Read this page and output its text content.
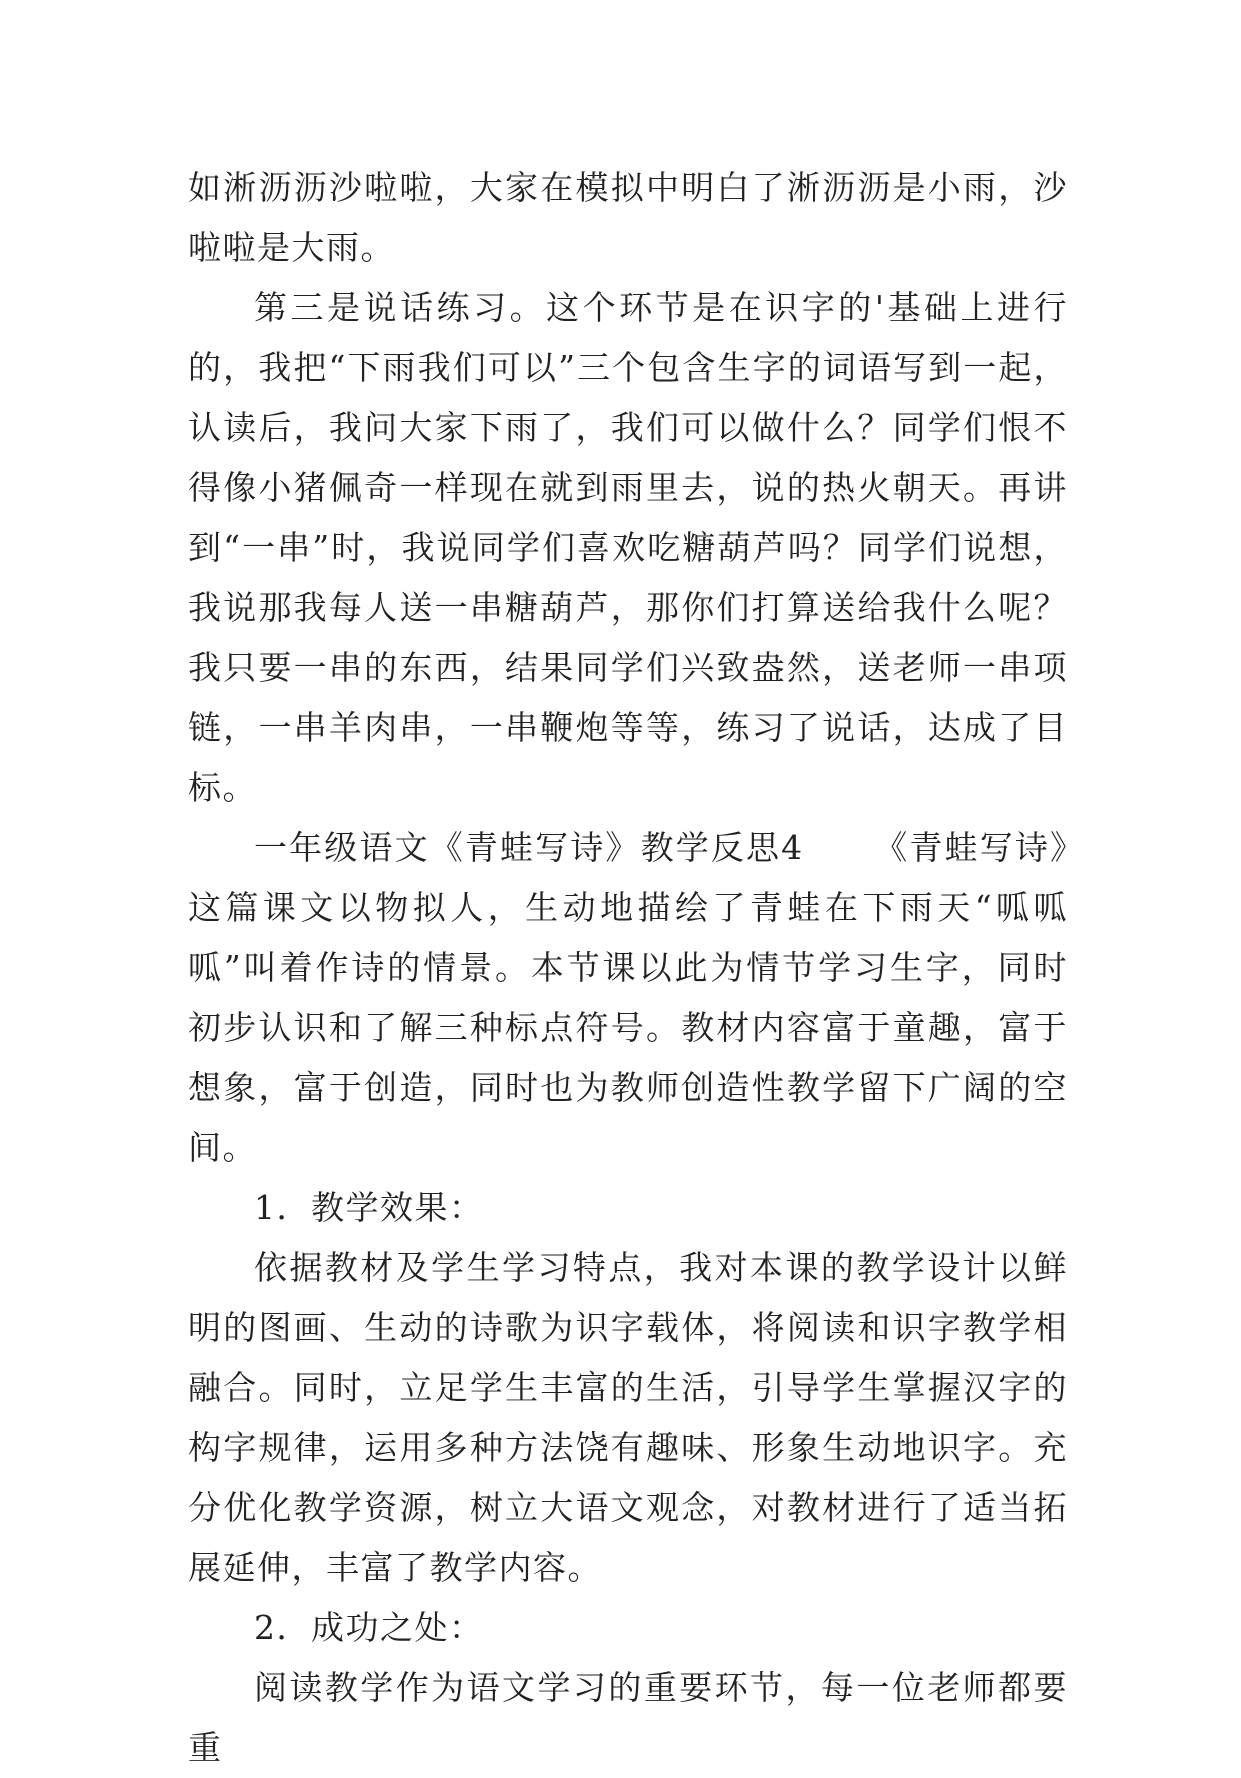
如淅沥沥沙啦啦，大家在模拟中明白了淅沥沥是小雨，沙啦啦是大雨。

第三是说话练习。这个环节是在识字的'基础上进行的，我把“下雨我们可以”三个包含生字的词语写到一起，认读后，我问大家下雨了，我们可以做什么？同学们恨不得像小猪佩奇一样现在就到雨里去，说的热火朝天。再讲到“一串”时，我说同学们喜欢吃糖葫芦吗？同学们说想，我说那我每人送一串糖葫芦，那你们打算送给我什么呢？我只要一串的东西，结果同学们兴致盎然，送老师一串项链，一串羊肉串，一串鞭炮等等，练习了说话，达成了目标。

一年级语文《青蛙写诗》教学反思4 《青蛙写诗》这篇课文以物拟人，生动地描绘了青蛙在下雨天“呱呱呱”叫着作诗的情景。本节课以此为情节学习生字，同时初步认识和了解三种标点符号。教材内容富于童趣，富于想象，富于创造，同时也为教师创造性教学留下广阔的空间。

1．教学效果：

依据教材及学生学习特点，我对本课的教学设计以鲜明的图画、生动的诗歌为识字载体，将阅读和识字教学相融合。同时，立足学生丰富的生活，引导学生掌握汉字的构字规律，运用多种方法饶有趣味、形象生动地识字。充分优化教学资源，树立大语文观念，对教材进行了适当拓展延伸，丰富了教学内容。

2．成功之处：

阅读教学作为语文学习的重要环节，每一位老师都要重
